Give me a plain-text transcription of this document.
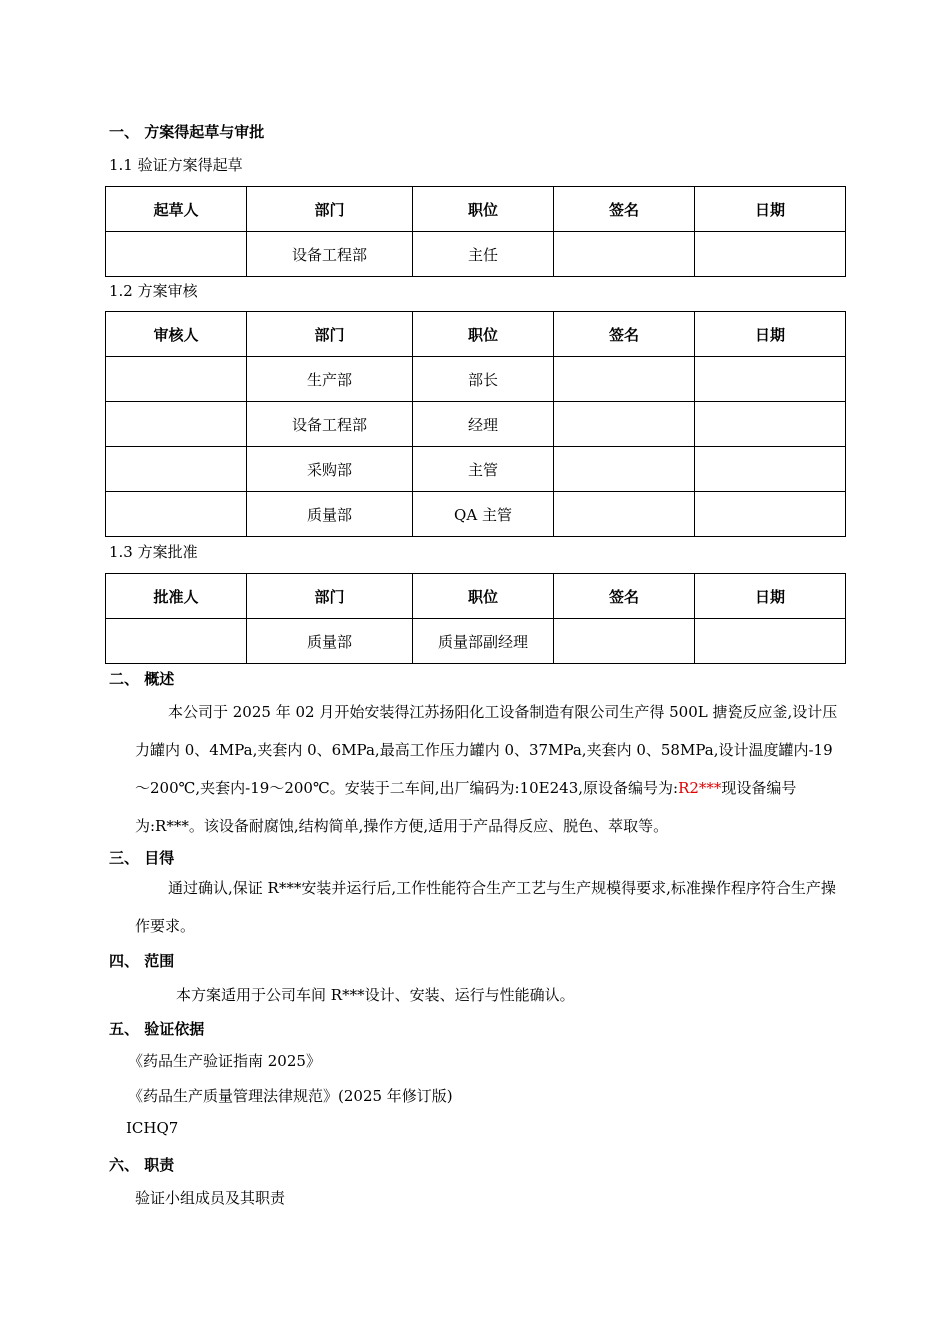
一、 方案得起草与审批
1.1 验证方案得起草
起草人	部门	职位	签名	日期
	设备工程部	主任		
1.2 方案审核
审核人	部门	职位	签名	日期
	生产部	部长		
	设备工程部	经理		
	采购部	主管		
	质量部	QA 主管		
1.3 方案批准
批准人	部门	职位	签名	日期
	质量部	质量部副经理		
二、 概述
本公司于 2025 年 02 月开始安装得江苏扬阳化工设备制造有限公司生产得 500L 搪瓷反应釜,设计压力罐内 0、4MPa,夹套内 0、6MPa,最高工作压力罐内 0、37MPa,夹套内 0、58MPa,设计温度罐内-19～200℃,夹套内-19～200℃。安装于二车间,出厂编码为:10E243,原设备编号为:R2***现设备编号为:R***。该设备耐腐蚀,结构简单,操作方便,适用于产品得反应、脱色、萃取等。
三、 目得
通过确认,保证 R***安装并运行后,工作性能符合生产工艺与生产规模得要求,标准操作程序符合生产操作要求。
四、 范围
本方案适用于公司车间 R***设计、安装、运行与性能确认。
五、 验证依据
《药品生产验证指南 2025》
《药品生产质量管理法律规范》(2025 年修订版)
ICHQ7
六、 职责
验证小组成员及其职责
